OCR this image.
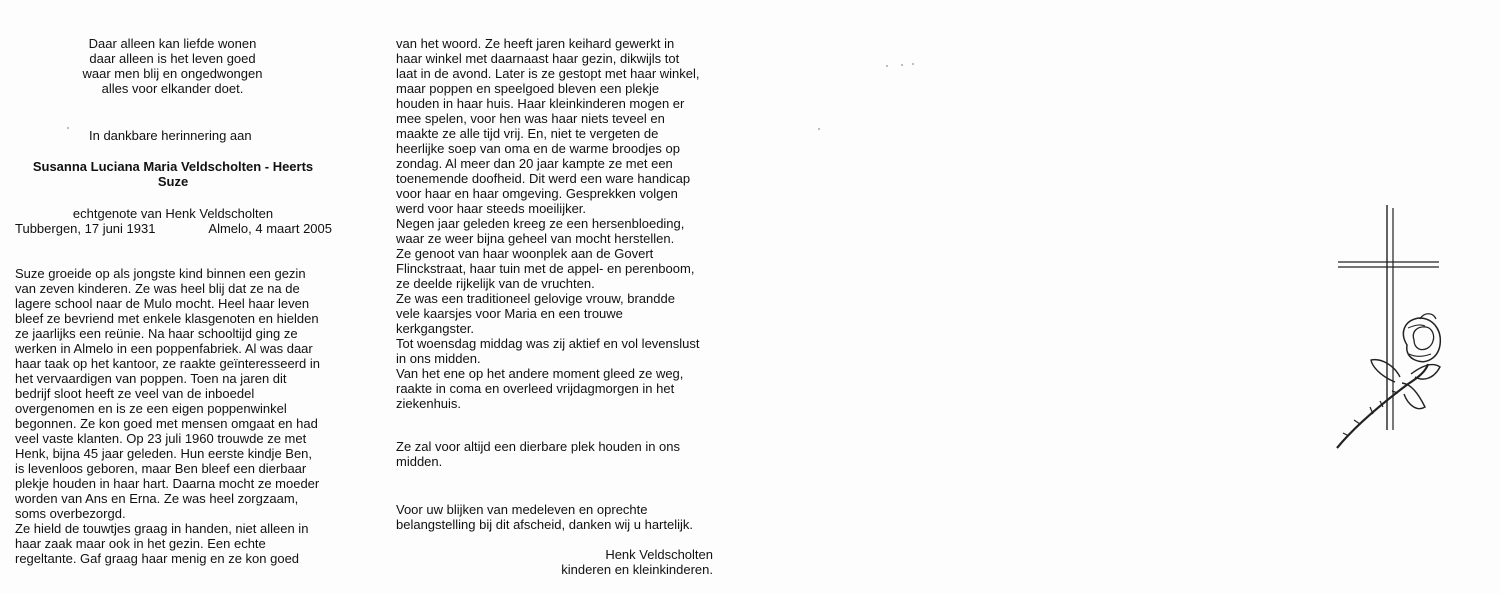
Daar alleen kan liefde wonen
daar alleen is het leven goed
waar men blij en ongedwongen
alles voor elkander doet.
In dankbare herinnering aan
Susanna Luciana Maria Veldscholten - Heerts
Suze
echtgenote van Henk Veldscholten
Tubbergen, 17 juni 1931	Almelo, 4 maart 2005
Suze groeide op als jongste kind binnen een gezin
van zeven kinderen. Ze was heel blij dat ze na de
lagere school naar de Mulo mocht. Heel haar leven
bleef ze bevriend met enkele klasgenoten en hielden
ze jaarlijks een reünie. Na haar schooltijd ging ze
werken in Almelo in een poppenfabriek. Al was daar
haar taak op het kantoor, ze raakte geïnteresseerd in
het vervaardigen van poppen. Toen na jaren dit
bedrijf sloot heeft ze veel van de inboedel
overgenomen en is ze een eigen poppenwinkel
begonnen. Ze kon goed met mensen omgaat en had
veel vaste klanten. Op 23 juli 1960 trouwde ze met
Henk, bijna 45 jaar geleden. Hun eerste kindje Ben,
is levenloos geboren, maar Ben bleef een dierbaar
plekje houden in haar hart. Daarna mocht ze moeder
worden van Ans en Erna. Ze was heel zorgzaam,
soms overbezorgd.
Ze hield de touwtjes graag in handen, niet alleen in
haar zaak maar ook in het gezin. Een echte
regeltante. Gaf graag haar menig en ze kon goed
van het woord. Ze heeft jaren keihard gewerkt in
haar winkel met daarnaast haar gezin, dikwijls tot
laat in de avond. Later is ze gestopt met haar winkel,
maar poppen en speelgoed bleven een plekje
houden in haar huis. Haar kleinkinderen mogen er
mee spelen, voor hen was haar niets teveel en
maakte ze alle tijd vrij. En, niet te vergeten de
heerlijke soep van oma en de warme broodjes op
zondag. Al meer dan 20 jaar kampte ze met een
toenemende doofheid. Dit werd een ware handicap
voor haar en haar omgeving. Gesprekken volgen
werd voor haar steeds moeilijker.
Negen jaar geleden kreeg ze een hersenbloeding,
waar ze weer bijna geheel van mocht herstellen.
Ze genoot van haar woonplek aan de Govert
Flinckstraat, haar tuin met de appel- en perenboom,
ze deelde rijkelijk van de vruchten.
Ze was een traditioneel gelovige vrouw, brandde
vele kaarsjes voor Maria en een trouwe
kerkgangster.
Tot woensdag middag was zij aktief en vol levenslust
in ons midden.
Van het ene op het andere moment gleed ze weg,
raakte in coma en overleed vrijdagmorgen in het
ziekenhuis.
Ze zal voor altijd een dierbare plek houden in ons
midden.
Voor uw blijken van medeleven en oprechte
belangstelling bij dit afscheid, danken wij u hartelijk.
Henk Veldscholten
kinderen en kleinkinderen.
